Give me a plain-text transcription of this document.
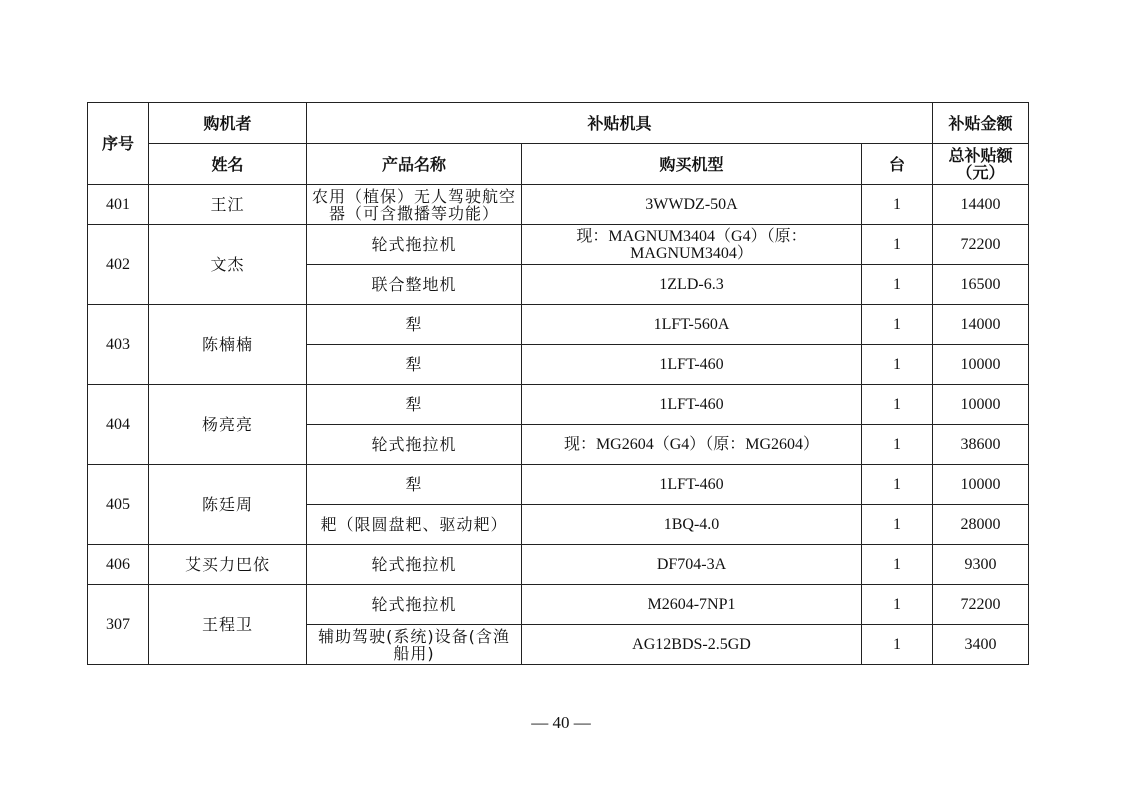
序号	购机者	补贴机具			补贴金额
	姓名	产品名称	购买机型	台	总补贴额（元）
401	王江	农用（植保）无人驾驶航空器（可含撒播等功能）	3WWDZ-50A	1	14400
402	文杰	轮式拖拉机	现：MAGNUM3404（G4）（原：MAGNUM3404）	1	72200
		联合整地机	1ZLD-6.3	1	16500
403	陈楠楠	犁	1LFT-560A	1	14000
		犁	1LFT-460	1	10000
404	杨亮亮	犁	1LFT-460	1	10000
		轮式拖拉机	现：MG2604（G4）（原：MG2604）	1	38600
405	陈廷周	犁	1LFT-460	1	10000
		耙（限圆盘耙、驱动耙）	1BQ-4.0	1	28000
406	艾买力巴依	轮式拖拉机	DF704-3A	1	9300
307	王程卫	轮式拖拉机	M2604-7NP1	1	72200
		辅助驾驶(系统)设备(含渔船用)	AG12BDS-2.5GD	1	3400
— 40 —
